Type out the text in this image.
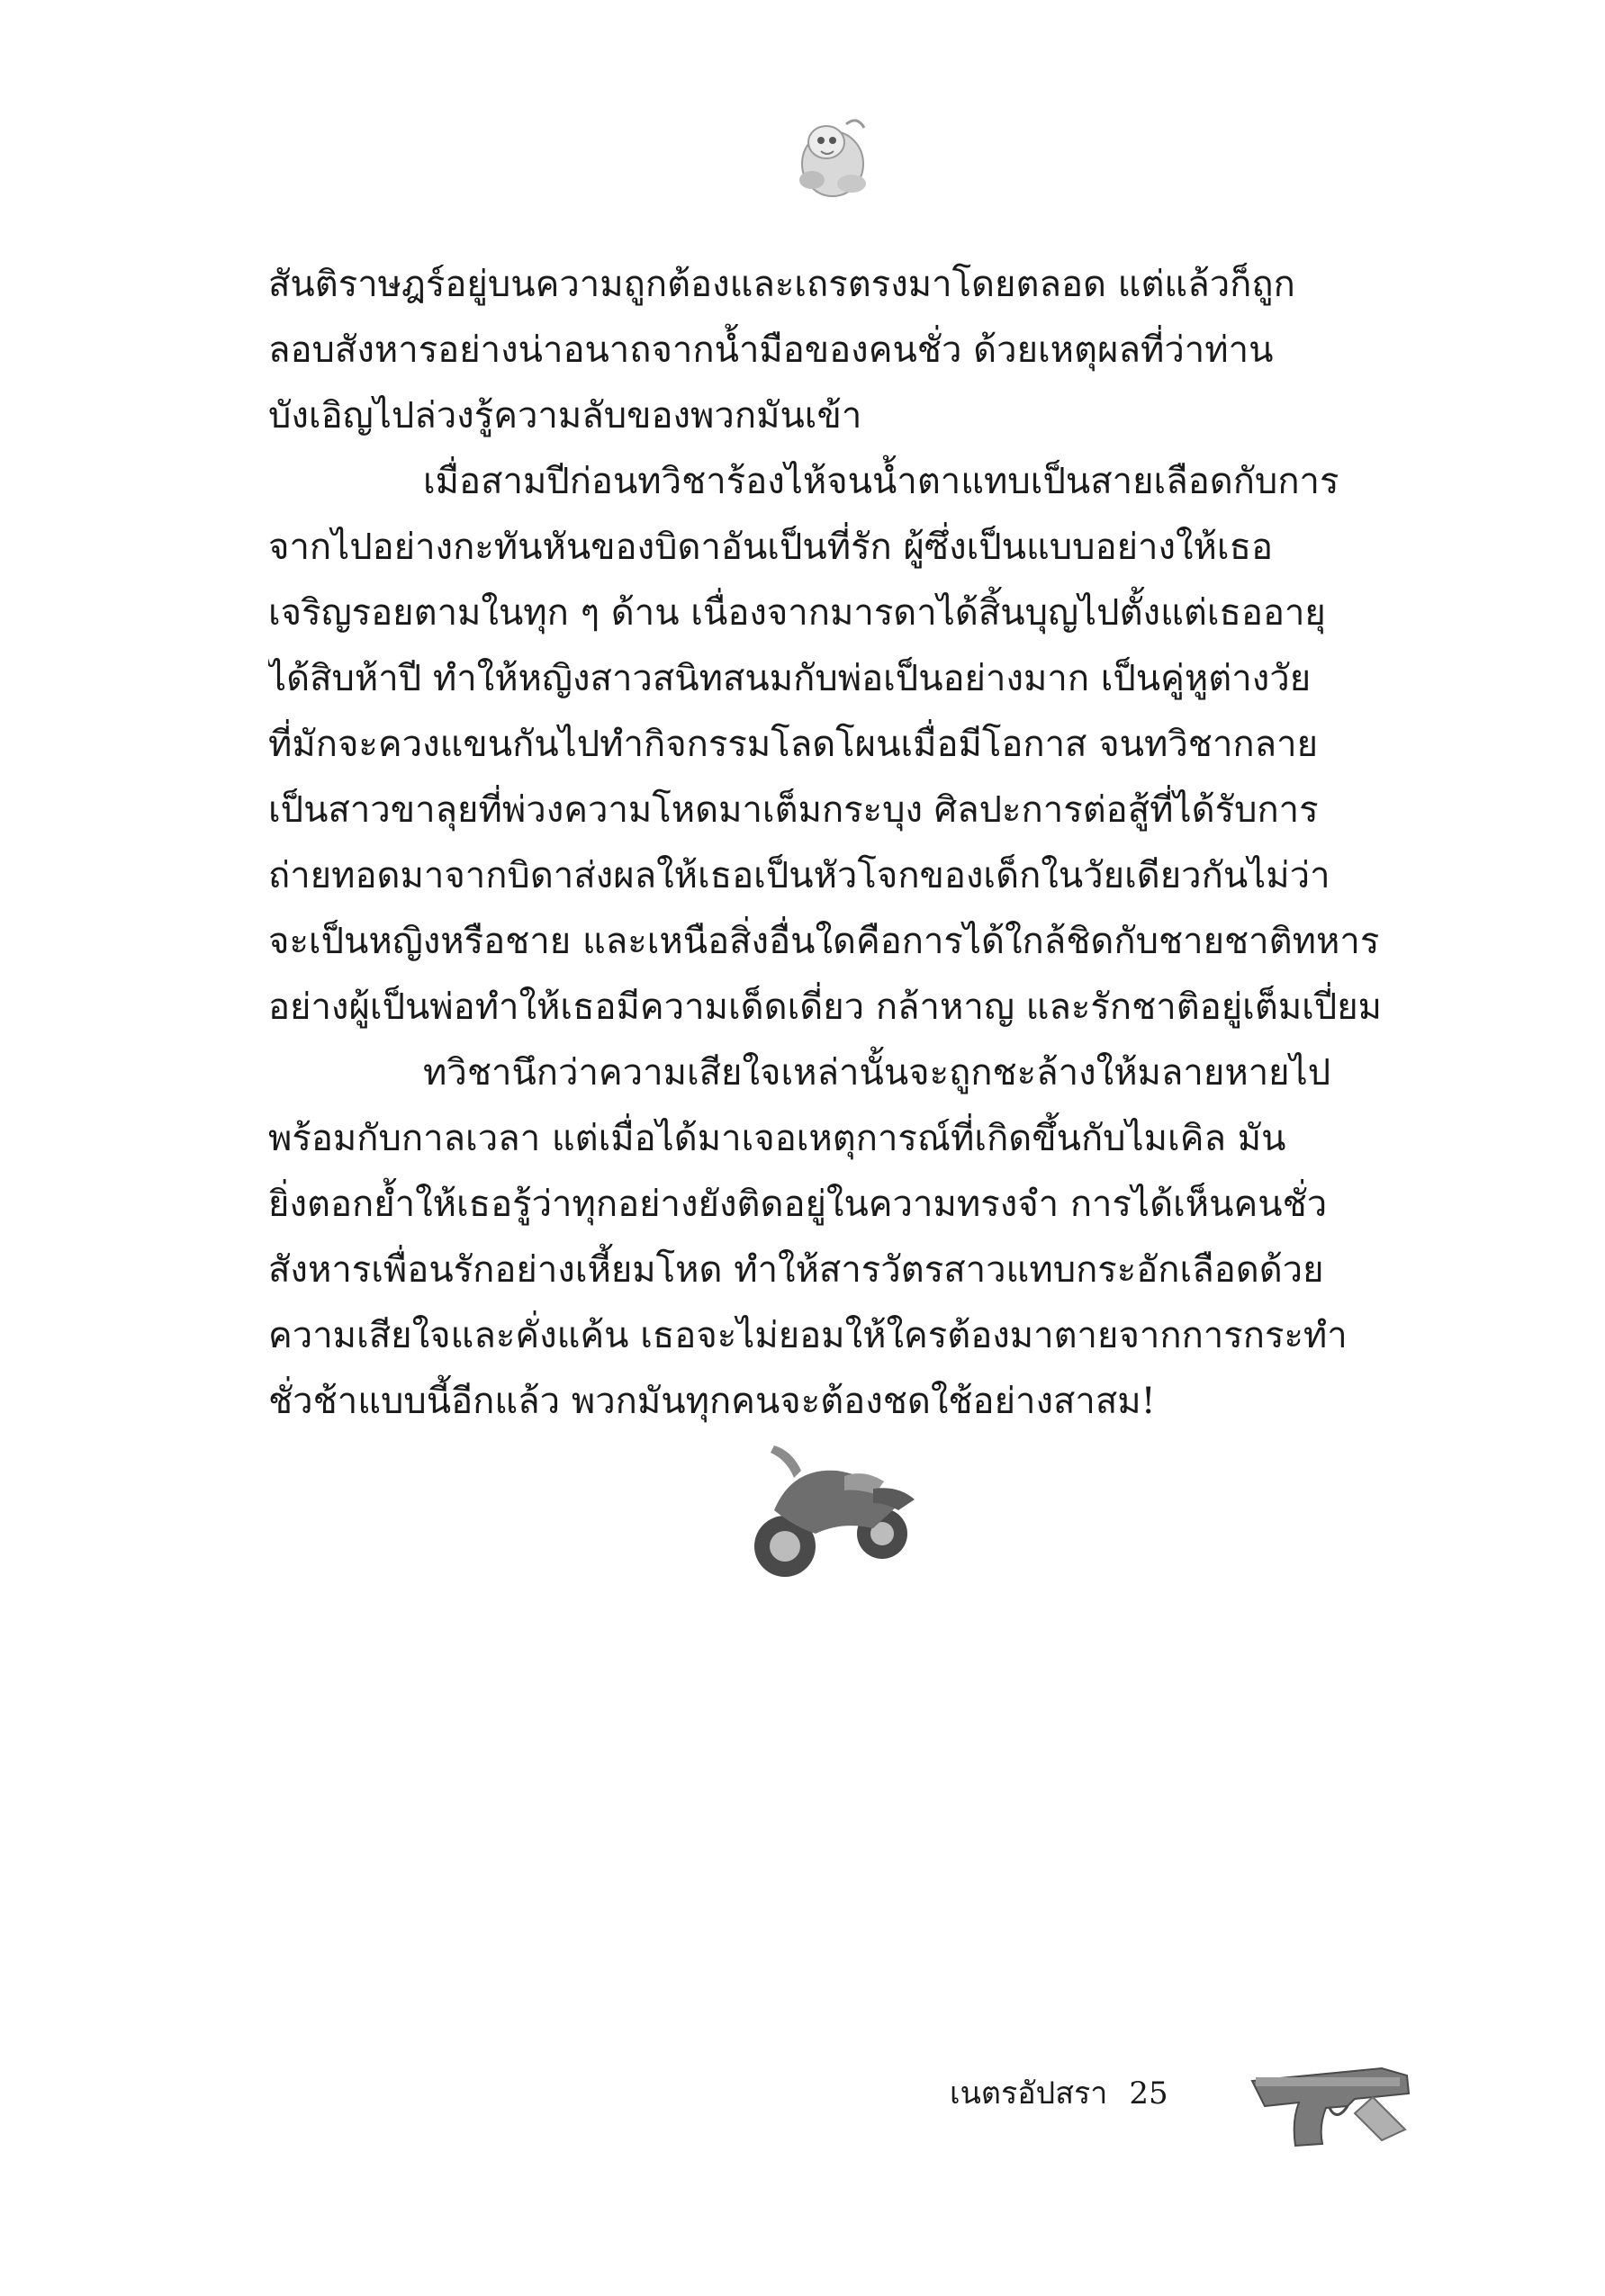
สันติราษฎร์อยู่บนความถูกต้องและเถรตรงมาโดยตลอด แต่แล้วก็ถูก
ลอบสังหารอย่างน่าอนาถจากน้ำมือของคนชั่ว ด้วยเหตุผลที่ว่าท่าน
บังเอิญไปล่วงรู้ความลับของพวกมันเข้า
เมื่อสามปีก่อนทวิชาร้องไห้จนน้ำตาแทบเป็นสายเลือดกับการ
จากไปอย่างกะทันหันของบิดาอันเป็นที่รัก ผู้ซึ่งเป็นแบบอย่างให้เธอ
เจริญรอยตามในทุก ๆ ด้าน เนื่องจากมารดาได้สิ้นบุญไปตั้งแต่เธออายุ
ได้สิบห้าปี ทำให้หญิงสาวสนิทสนมกับพ่อเป็นอย่างมาก เป็นคู่หูต่างวัย
ที่มักจะควงแขนกันไปทำกิจกรรมโลดโผนเมื่อมีโอกาส จนทวิชากลาย
เป็นสาวขาลุยที่พ่วงความโหดมาเต็มกระบุง ศิลปะการต่อสู้ที่ได้รับการ
ถ่ายทอดมาจากบิดาส่งผลให้เธอเป็นหัวโจกของเด็กในวัยเดียวกันไม่ว่า
จะเป็นหญิงหรือชาย และเหนือสิ่งอื่นใดคือการได้ใกล้ชิดกับชายชาติทหาร
อย่างผู้เป็นพ่อทำให้เธอมีความเด็ดเดี่ยว กล้าหาญ และรักชาติอยู่เต็มเปี่ยม
ทวิชานึกว่าความเสียใจเหล่านั้นจะถูกชะล้างให้มลายหายไป
พร้อมกับกาลเวลา แต่เมื่อได้มาเจอเหตุการณ์ที่เกิดขึ้นกับไมเคิล มัน
ยิ่งตอกย้ำให้เธอรู้ว่าทุกอย่างยังติดอยู่ในความทรงจำ การได้เห็นคนชั่ว
สังหารเพื่อนรักอย่างเหี้ยมโหด ทำให้สารวัตรสาวแทบกระอักเลือดด้วย
ความเสียใจและคั่งแค้น เธอจะไม่ยอมให้ใครต้องมาตายจากการกระทำ
ชั่วช้าแบบนี้อีกแล้ว พวกมันทุกคนจะต้องชดใช้อย่างสาสม!
เนตรอัปสรา 25
